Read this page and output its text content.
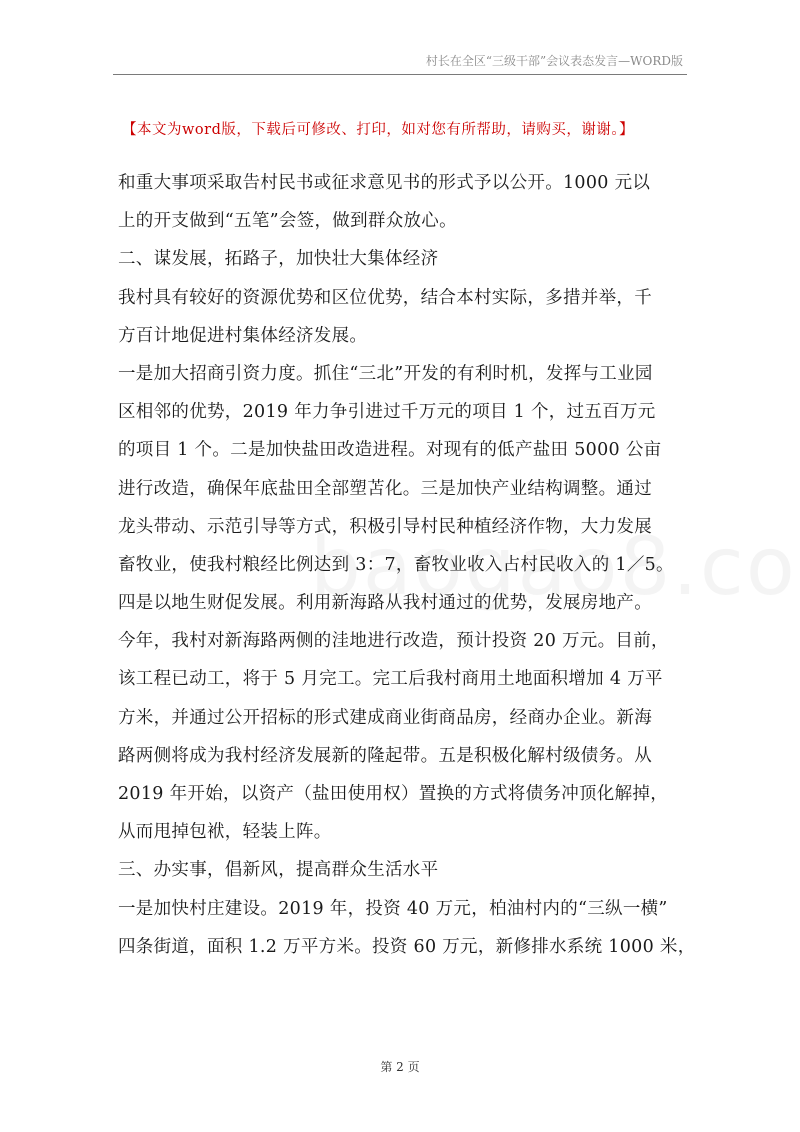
村长在全区“三级干部”会议表态发言—WORD版
【本文为word版，下载后可修改、打印，如对您有所帮助，请购买，谢谢。】
和重大事项采取告村民书或征求意见书的形式予以公开。1000 元以
上的开支做到“五笔”会签，做到群众放心。
二、谋发展，拓路子，加快壮大集体经济
我村具有较好的资源优势和区位优势，结合本村实际，多措并举，千
方百计地促进村集体经济发展。
一是加大招商引资力度。抓住“三北”开发的有利时机，发挥与工业园
区相邻的优势，2019 年力争引进过千万元的项目 1 个，过五百万元
的项目 1 个。二是加快盐田改造进程。对现有的低产盐田 5000 公亩
进行改造，确保年底盐田全部塑苫化。三是加快产业结构调整。通过
龙头带动、示范引导等方式，积极引导村民种植经济作物，大力发展
畜牧业，使我村粮经比例达到 3：7，畜牧业收入占村民收入的 1／5。
四是以地生财促发展。利用新海路从我村通过的优势，发展房地产。
今年，我村对新海路两侧的洼地进行改造，预计投资 20 万元。目前，
该工程已动工，将于 5 月完工。完工后我村商用土地面积增加 4 万平
方米，并通过公开招标的形式建成商业街商品房，经商办企业。新海
路两侧将成为我村经济发展新的隆起带。五是积极化解村级债务。从
2019 年开始，以资产（盐田使用权）置换的方式将债务冲顶化解掉，
从而甩掉包袱，轻装上阵。
三、办实事，倡新风，提高群众生活水平
一是加快村庄建设。2019 年，投资 40 万元，柏油村内的“三纵一横”
四条街道，面积 1.2 万平方米。投资 60 万元，新修排水系统 1000 米，
第 2 页
